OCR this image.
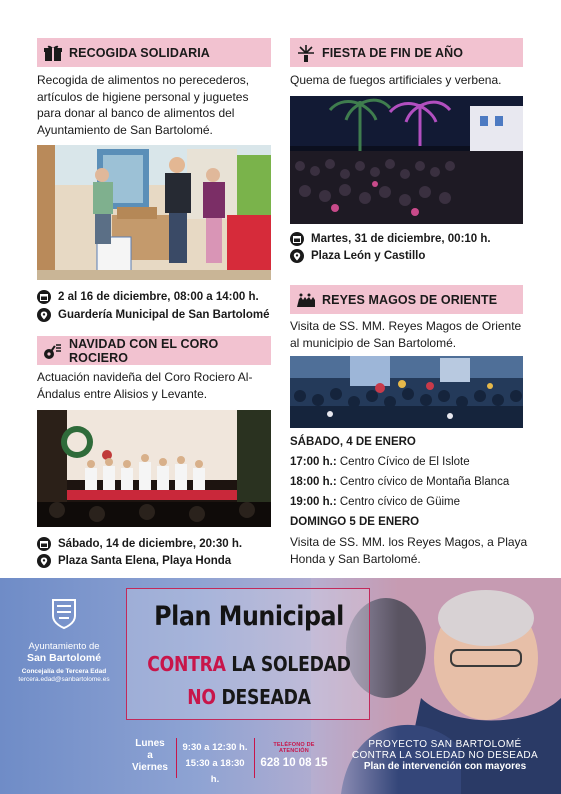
RECOGIDA SOLIDARIA
Recogida de alimentos no perecederos,
artículos de higiene personal y juguetes
para donar al banco de alimentos del
Ayuntamiento de San Bartolomé.
2 al 16 de diciembre, 08:00 a 14:00 h.
Guardería Municipal de San Bartolomé
NAVIDAD CON EL CORO ROCIERO
Actuación navideña del Coro Rociero Al-
Ándalus entre Alisios y Levante.
Sábado, 14 de diciembre, 20:30 h.
Plaza Santa Elena, Playa Honda
FIESTA DE FIN DE AÑO
Quema de fuegos artificiales y verbena.
Martes, 31 de diciembre, 00:10 h.
Plaza León y Castillo
REYES MAGOS DE ORIENTE
Visita de SS. MM. Reyes Magos de Oriente
al municipio de San Bartolomé.
SÁBADO, 4 DE ENERO
17:00 h.: Centro Cívico de El Islote
18:00 h.: Centro cívico de Montaña Blanca
19:00 h.: Centro cívico de Güime
DOMINGO 5 DE ENERO
Visita de SS. MM. los Reyes Magos, a Playa
Honda y San Bartolomé.
Ayuntamiento de
San Bartolomé
Concejalía de Tercera Edad
tercera.edad@sanbartolome.es
Plan Municipal
CONTRA LA SOLEDAD
NO DESEADA
Lunes
a
Viernes
9:30 a 12:30 h.
15:30 a 18:30 h.
TELÉFONO DE ATENCIÓN
628 10 08 15
PROYECTO SAN BARTOLOMÉ
CONTRA LA SOLEDAD NO DESEADA
Plan de intervención con mayores
